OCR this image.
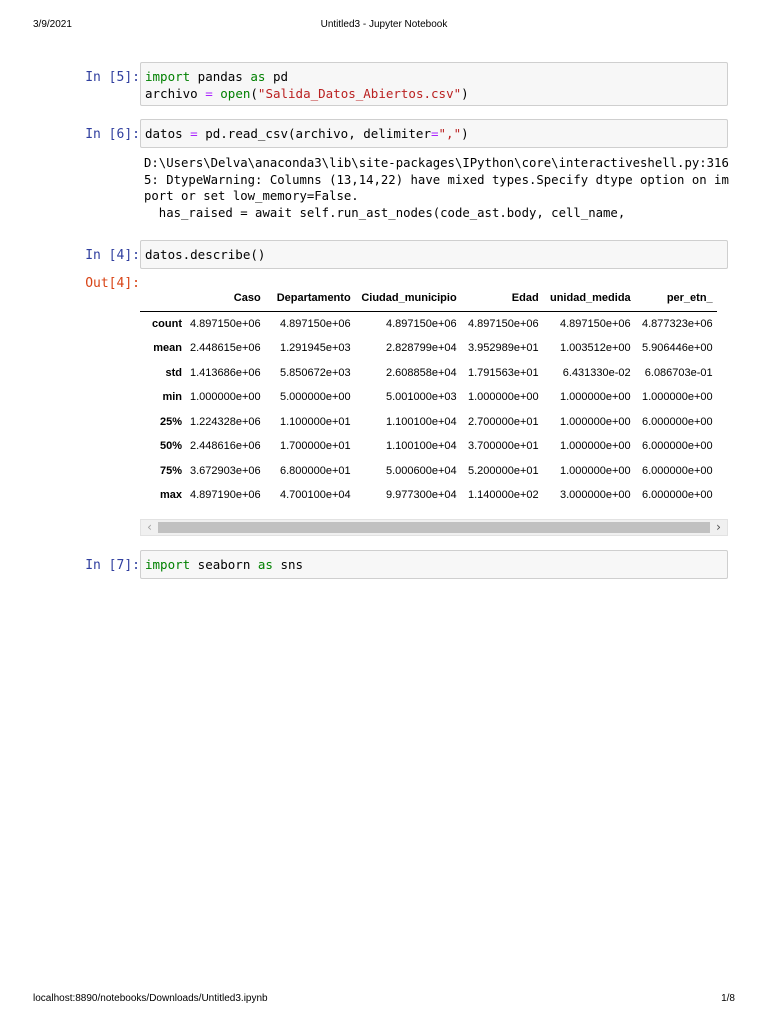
3/9/2021	Untitled3 - Jupyter Notebook
In [5]: import pandas as pd
archivo = open("Salida_Datos_Abiertos.csv")
In [6]: datos = pd.read_csv(archivo, delimiter=",")
D:\Users\Delva\anaconda3\lib\site-packages\IPython\core\interactiveshell.py:316
5: DtypeWarning: Columns (13,14,22) have mixed types.Specify dtype option on im
port or set low_memory=False.
has_raised = await self.run_ast_nodes(code_ast.body, cell_name,
In [4]: datos.describe()
Out[4]:
	Caso	Departamento	Ciudad_municipio	Edad	unidad_medida	per_etn_
count	4.897150e+06	4.897150e+06	4.897150e+06	4.897150e+06	4.897150e+06	4.877323e+06
mean	2.448615e+06	1.291945e+03	2.828799e+04	3.952989e+01	1.003512e+00	5.906446e+00
std	1.413686e+06	5.850672e+03	2.608858e+04	1.791563e+01	6.431330e-02	6.086703e-01
min	1.000000e+00	5.000000e+00	5.001000e+03	1.000000e+00	1.000000e+00	1.000000e+00
25%	1.224328e+06	1.100000e+01	1.100100e+04	2.700000e+01	1.000000e+00	6.000000e+00
50%	2.448616e+06	1.700000e+01	1.100100e+04	3.700000e+01	1.000000e+00	6.000000e+00
75%	3.672903e+06	6.800000e+01	5.000600e+04	5.200000e+01	1.000000e+00	6.000000e+00
max	4.897190e+06	4.700100e+04	9.977300e+04	1.140000e+02	3.000000e+00	6.000000e+00
‹	›
In [7]: import seaborn as sns
localhost:8890/notebooks/Downloads/Untitled3.ipynb	1/8
